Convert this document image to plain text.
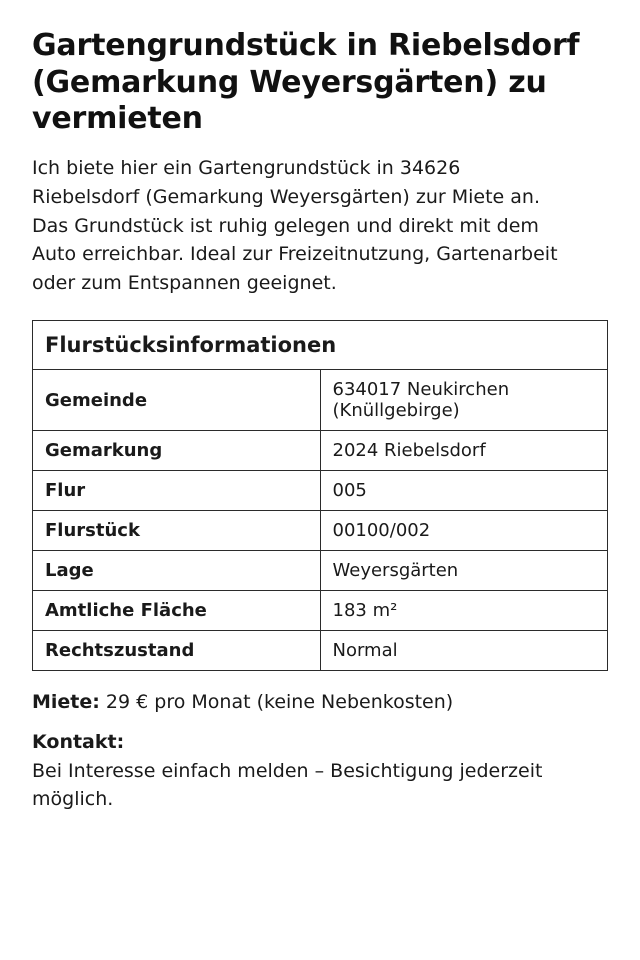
Gartengrundstück in Riebelsdorf (Gemarkung Weyersgärten) zu vermieten

Ich biete hier ein Gartengrundstück in 34626 Riebelsdorf (Gemarkung Weyersgärten) zur Miete an. Das Grundstück ist ruhig gelegen und direkt mit dem Auto erreichbar. Ideal zur Freizeitnutzung, Gartenarbeit oder zum Entspannen geeignet.

Flurstücksinformationen	
Gemeinde	634017 Neukirchen (Knüllgebirge)
Gemarkung	2024 Riebelsdorf
Flur	005
Flurstück	00100/002
Lage	Weyersgärten
Amtliche Fläche	183 m²
Rechtszustand	Normal

Miete: 29 € pro Monat (keine Nebenkosten)

Kontakt:

Bei Interesse einfach melden – Besichtigung jederzeit möglich.
